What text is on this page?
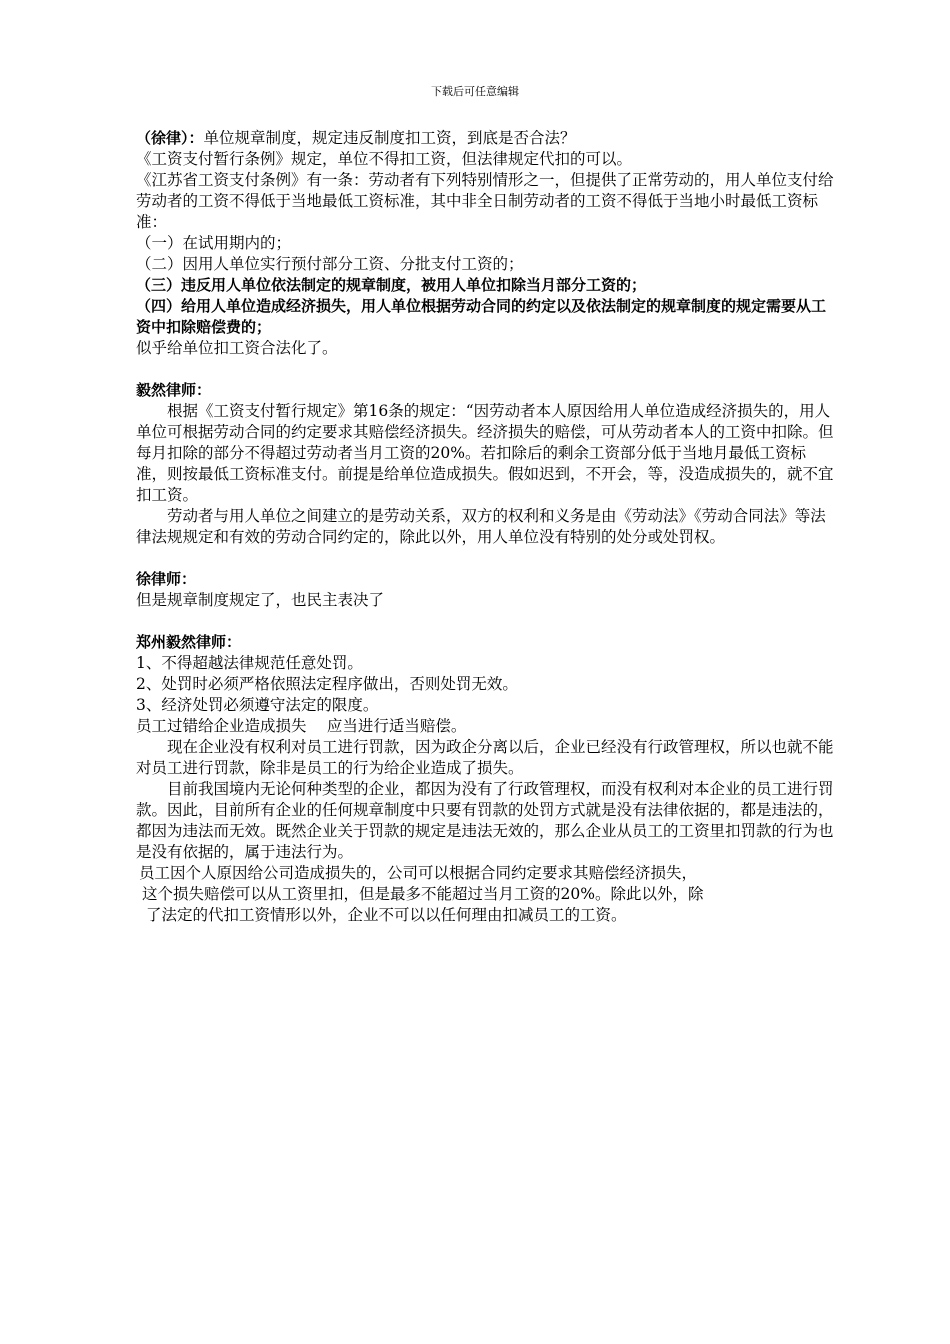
下载后可任意编辑

（徐律）：单位规章制度，规定违反制度扣工资，到底是否合法？

《工资支付暂行条例》规定，单位不得扣工资，但法律规定代扣的可以。

《江苏省工资支付条例》有一条：劳动者有下列特别情形之一，但提供了正常劳动的，用人单位支付给劳动者的工资不得低于当地最低工资标准，其中非全日制劳动者的工资不得低于当地小时最低工资标准：

（一）在试用期内的；

（二）因用人单位实行预付部分工资、分批支付工资的；

（三）违反用人单位依法制定的规章制度，被用人单位扣除当月部分工资的；

（四）给用人单位造成经济损失，用人单位根据劳动合同的约定以及依法制定的规章制度的规定需要从工资中扣除赔偿费的；

似乎给单位扣工资合法化了。

毅然律师：

根据《工资支付暂行规定》第16条的规定：“因劳动者本人原因给用人单位造成经济损失的，用人单位可根据劳动合同的约定要求其赔偿经济损失。经济损失的赔偿，可从劳动者本人的工资中扣除。但每月扣除的部分不得超过劳动者当月工资的20%。若扣除后的剩余工资部分低于当地月最低工资标准，则按最低工资标准支付。前提是给单位造成损失。假如迟到，不开会，等，没造成损失的，就不宜扣工资。

劳动者与用人单位之间建立的是劳动关系，双方的权利和义务是由《劳动法》《劳动合同法》等法律法规规定和有效的劳动合同约定的，除此以外，用人单位没有特别的处分或处罚权。

徐律师：

但是规章制度规定了，也民主表决了

郑州毅然律师：

1、不得超越法律规范任意处罚。

2、处罚时必须严格依照法定程序做出，否则处罚无效。

3、经济处罚必须遵守法定的限度。

员工过错给企业造成损失　 应当进行适当赔偿。

现在企业没有权利对员工进行罚款，因为政企分离以后，企业已经没有行政管理权，所以也就不能对员工进行罚款，除非是员工的行为给企业造成了损失。

目前我国境内无论何种类型的企业，都因为没有了行政管理权，而没有权利对本企业的员工进行罚款。因此，目前所有企业的任何规章制度中只要有罚款的处罚方式就是没有法律依据的，都是违法的，都因为违法而无效。既然企业关于罚款的规定是违法无效的，那么企业从员工的工资里扣罚款的行为也是没有依据的，属于违法行为。

员工因个人原因给公司造成损失的，公司可以根据合同约定要求其赔偿经济损失，

这个损失赔偿可以从工资里扣，但是最多不能超过当月工资的20%。除此以外，除

了法定的代扣工资情形以外，企业不可以以任何理由扣减员工的工资。
